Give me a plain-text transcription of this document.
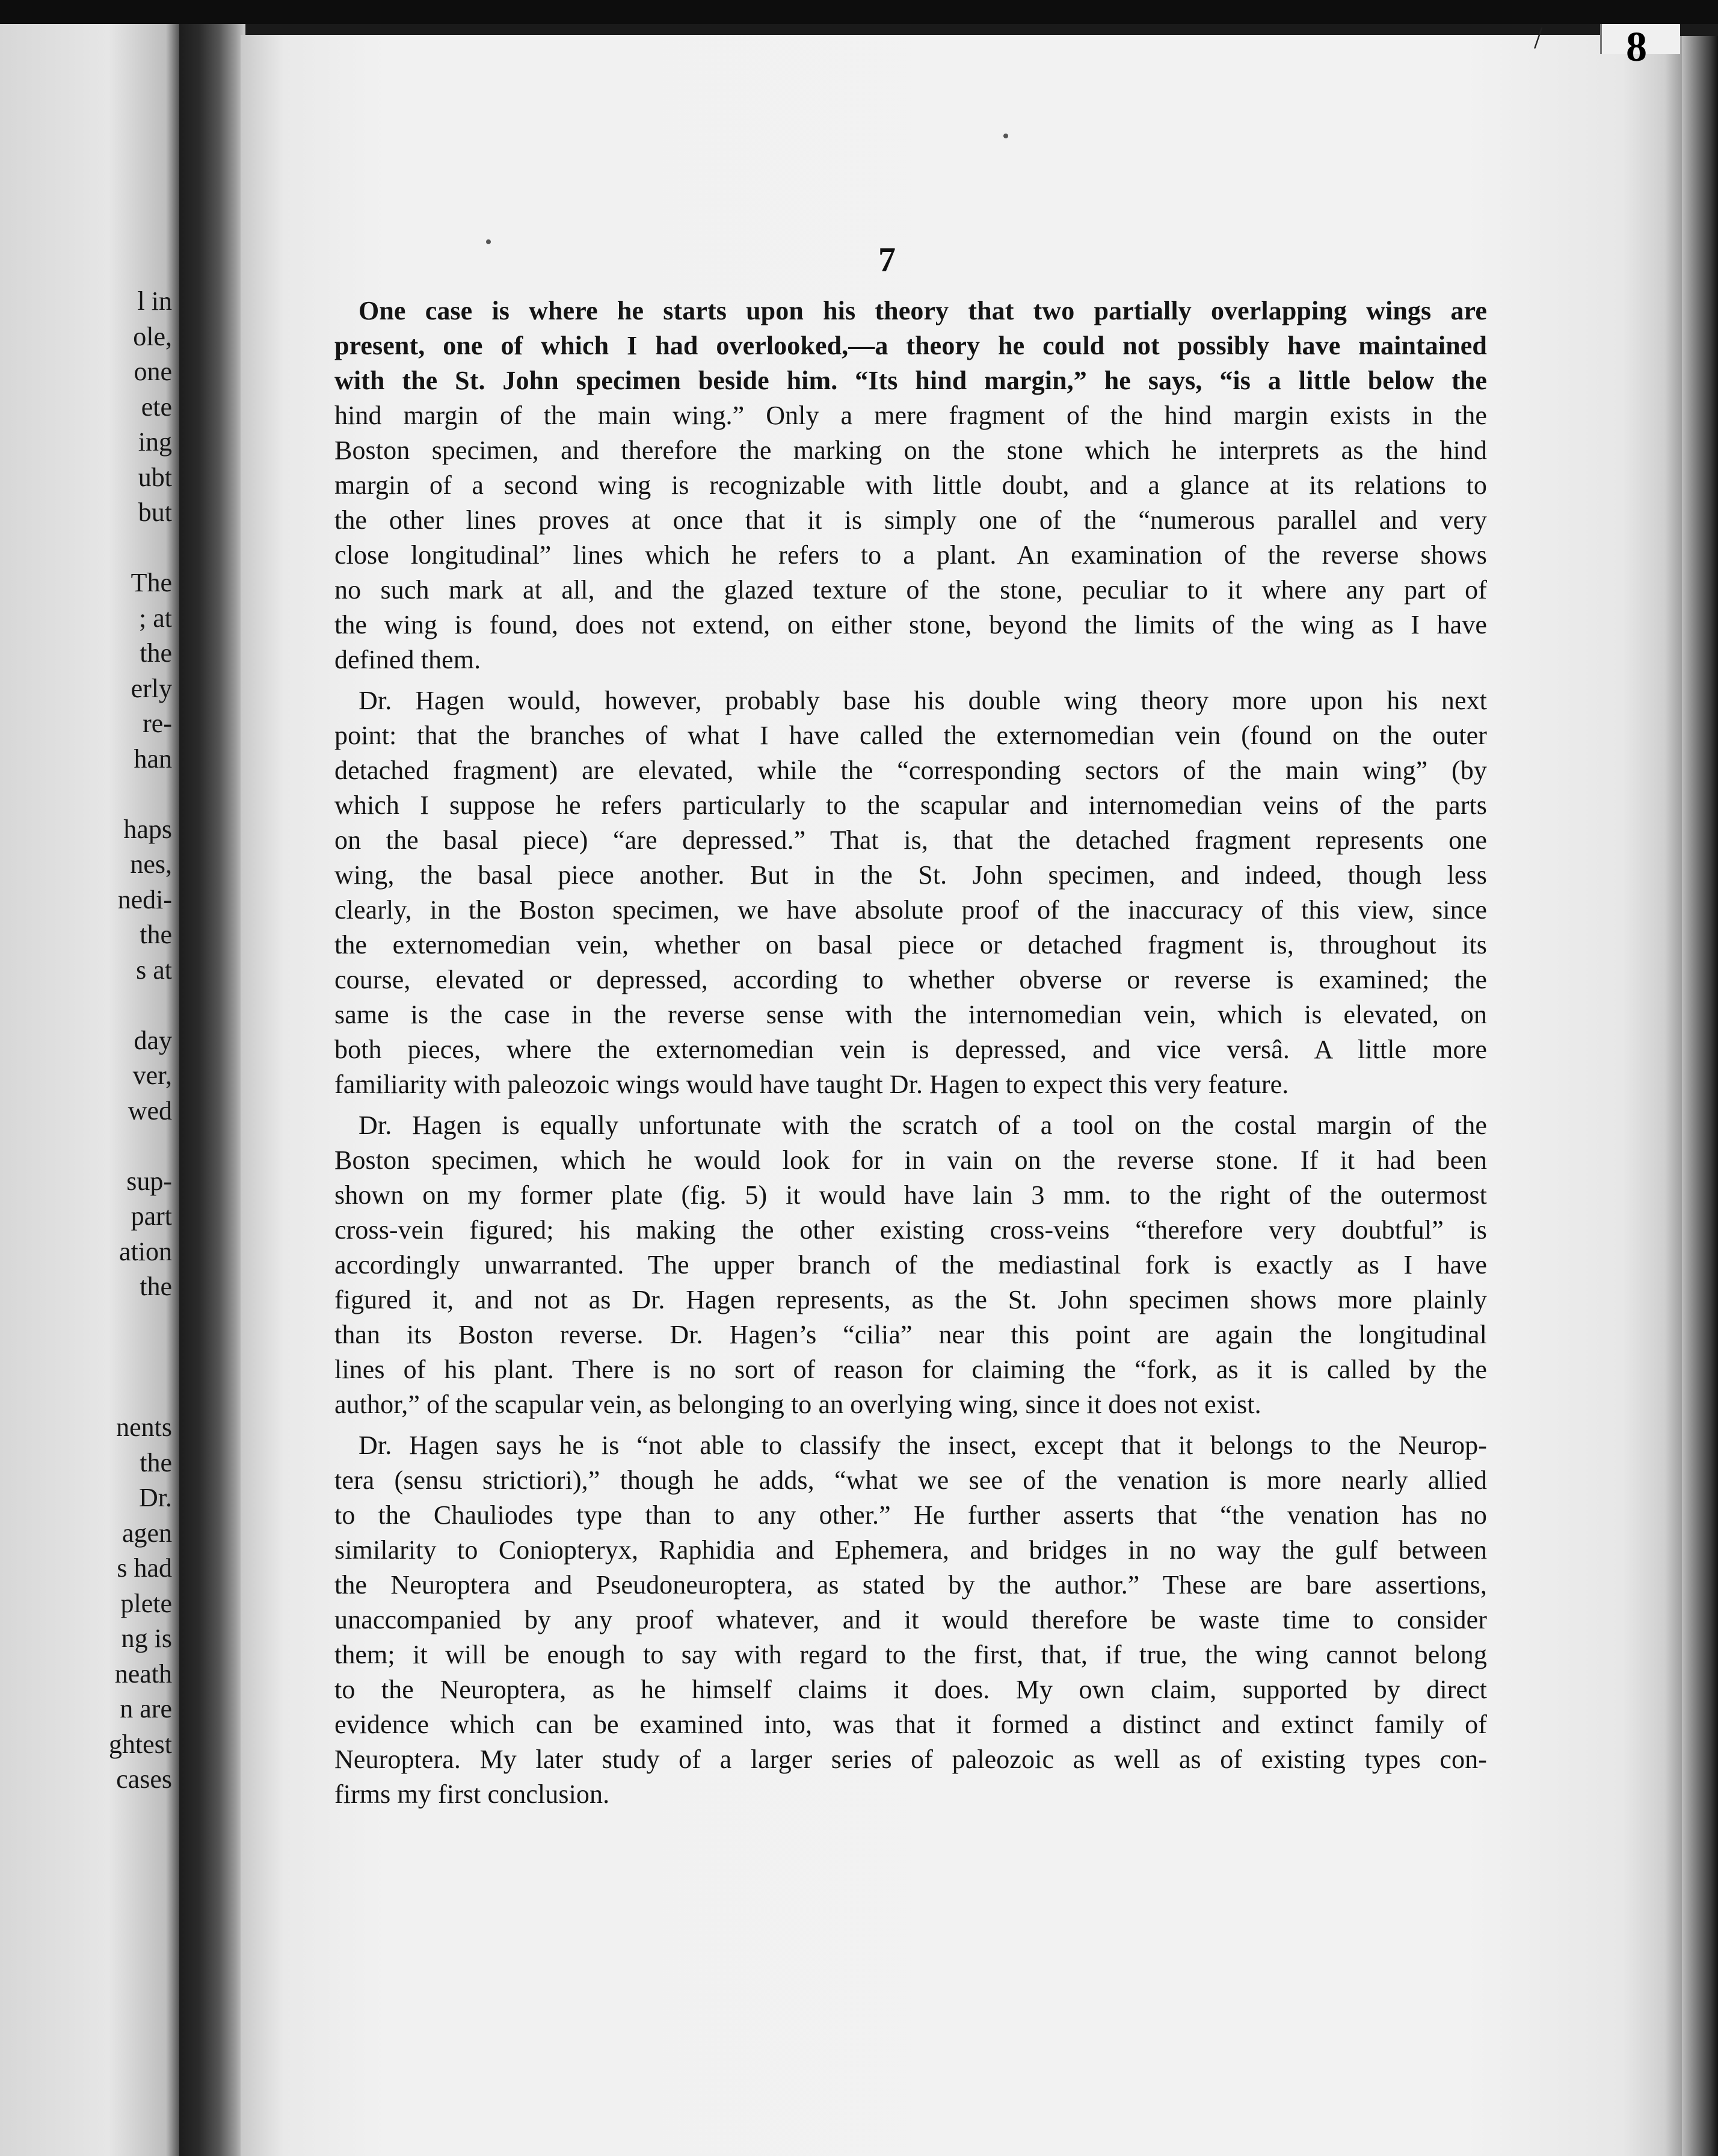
l in
ole,
one
ete
ing
ubt
but
The
; at
the
erly
re-
han
haps
nes,
nedi-
the
s at
day
ver,
wed
sup-
part
ation
the
nents
the
Dr.
agen
s had
plete
ng is
neath
n are
ghtest
cases
8
/
7
One case is where he starts upon his theory that two partially overlapping wings are
present, one of which I had overlooked,—a theory he could not possibly have maintained
with the St. John specimen beside him. “Its hind margin,” he says, “is a little below the
hind margin of the main wing.” Only a mere fragment of the hind margin exists in the
Boston specimen, and therefore the marking on the stone which he interprets as the hind
margin of a second wing is recognizable with little doubt, and a glance at its relations to
the other lines proves at once that it is simply one of the “numerous parallel and very
close longitudinal” lines which he refers to a plant. An examination of the reverse shows
no such mark at all, and the glazed texture of the stone, peculiar to it where any part of
the wing is found, does not extend, on either stone, beyond the limits of the wing as I have
defined them.
Dr. Hagen would, however, probably base his double wing theory more upon his next
point: that the branches of what I have called the externomedian vein (found on the outer
detached fragment) are elevated, while the “corresponding sectors of the main wing” (by
which I suppose he refers particularly to the scapular and internomedian veins of the parts
on the basal piece) “are depressed.” That is, that the detached fragment represents one
wing, the basal piece another. But in the St. John specimen, and indeed, though less
clearly, in the Boston specimen, we have absolute proof of the inaccuracy of this view, since
the externomedian vein, whether on basal piece or detached fragment is, throughout its
course, elevated or depressed, according to whether obverse or reverse is examined; the
same is the case in the reverse sense with the internomedian vein, which is elevated, on
both pieces, where the externomedian vein is depressed, and vice versâ. A little more
familiarity with paleozoic wings would have taught Dr. Hagen to expect this very feature.
Dr. Hagen is equally unfortunate with the scratch of a tool on the costal margin of the
Boston specimen, which he would look for in vain on the reverse stone. If it had been
shown on my former plate (fig. 5) it would have lain 3 mm. to the right of the outermost
cross-vein figured; his making the other existing cross-veins “therefore very doubtful” is
accordingly unwarranted. The upper branch of the mediastinal fork is exactly as I have
figured it, and not as Dr. Hagen represents, as the St. John specimen shows more plainly
than its Boston reverse. Dr. Hagen’s “cilia” near this point are again the longitudinal
lines of his plant. There is no sort of reason for claiming the “fork, as it is called by the
author,” of the scapular vein, as belonging to an overlying wing, since it does not exist.
Dr. Hagen says he is “not able to classify the insect, except that it belongs to the Neurop-
tera (sensu strictiori),” though he adds, “what we see of the venation is more nearly allied
to the Chauliodes type than to any other.” He further asserts that “the venation has no
similarity to Coniopteryx, Raphidia and Ephemera, and bridges in no way the gulf between
the Neuroptera and Pseudoneuroptera, as stated by the author.” These are bare assertions,
unaccompanied by any proof whatever, and it would therefore be waste time to consider
them; it will be enough to say with regard to the first, that, if true, the wing cannot belong
to the Neuroptera, as he himself claims it does. My own claim, supported by direct
evidence which can be examined into, was that it formed a distinct and extinct family of
Neuroptera. My later study of a larger series of paleozoic as well as of existing types con-
firms my first conclusion.
